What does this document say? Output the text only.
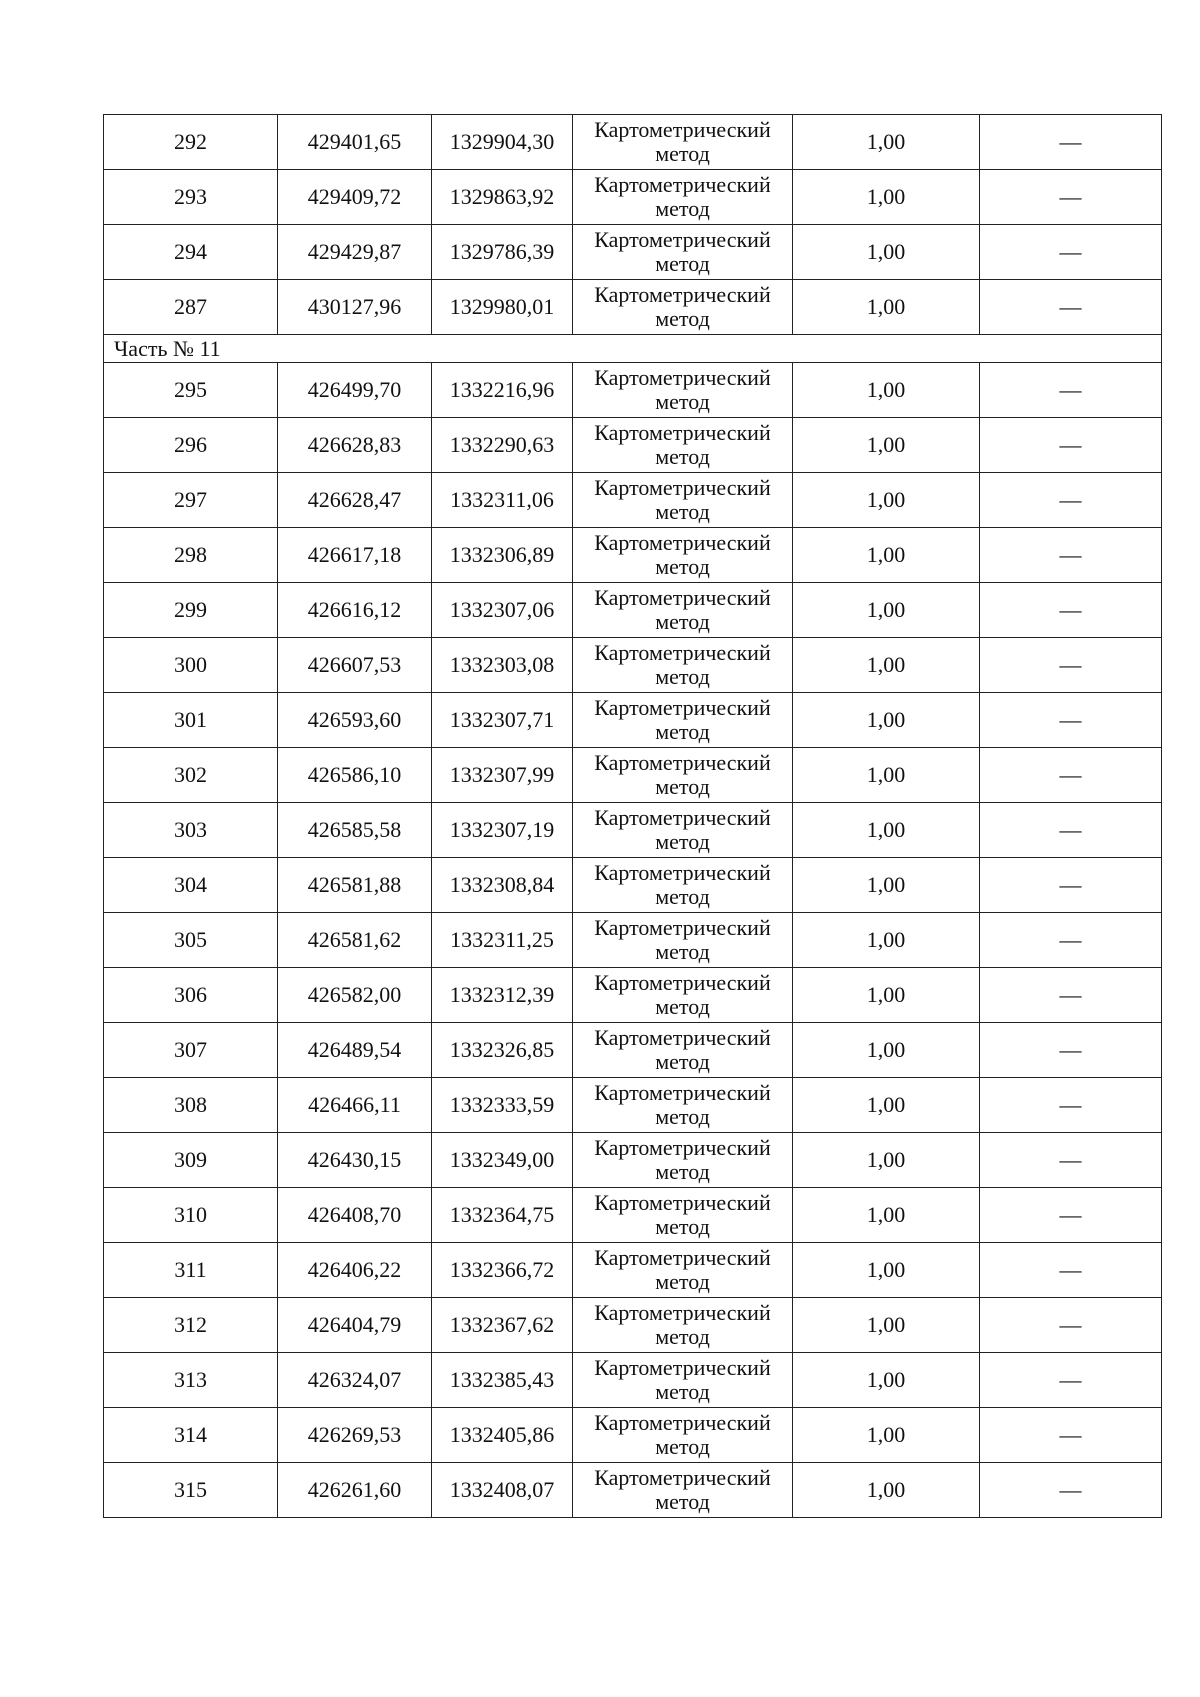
292	429401,65	1329904,30	Картометрический
метод	1,00	—
293	429409,72	1329863,92	Картометрический
метод	1,00	—
294	429429,87	1329786,39	Картометрический
метод	1,00	—
287	430127,96	1329980,01	Картометрический
метод	1,00	—
Часть № 11					
295	426499,70	1332216,96	Картометрический
метод	1,00	—
296	426628,83	1332290,63	Картометрический
метод	1,00	—
297	426628,47	1332311,06	Картометрический
метод	1,00	—
298	426617,18	1332306,89	Картометрический
метод	1,00	—
299	426616,12	1332307,06	Картометрический
метод	1,00	—
300	426607,53	1332303,08	Картометрический
метод	1,00	—
301	426593,60	1332307,71	Картометрический
метод	1,00	—
302	426586,10	1332307,99	Картометрический
метод	1,00	—
303	426585,58	1332307,19	Картометрический
метод	1,00	—
304	426581,88	1332308,84	Картометрический
метод	1,00	—
305	426581,62	1332311,25	Картометрический
метод	1,00	—
306	426582,00	1332312,39	Картометрический
метод	1,00	—
307	426489,54	1332326,85	Картометрический
метод	1,00	—
308	426466,11	1332333,59	Картометрический
метод	1,00	—
309	426430,15	1332349,00	Картометрический
метод	1,00	—
310	426408,70	1332364,75	Картометрический
метод	1,00	—
311	426406,22	1332366,72	Картометрический
метод	1,00	—
312	426404,79	1332367,62	Картометрический
метод	1,00	—
313	426324,07	1332385,43	Картометрический
метод	1,00	—
314	426269,53	1332405,86	Картометрический
метод	1,00	—
315	426261,60	1332408,07	Картометрический
метод	1,00	—
